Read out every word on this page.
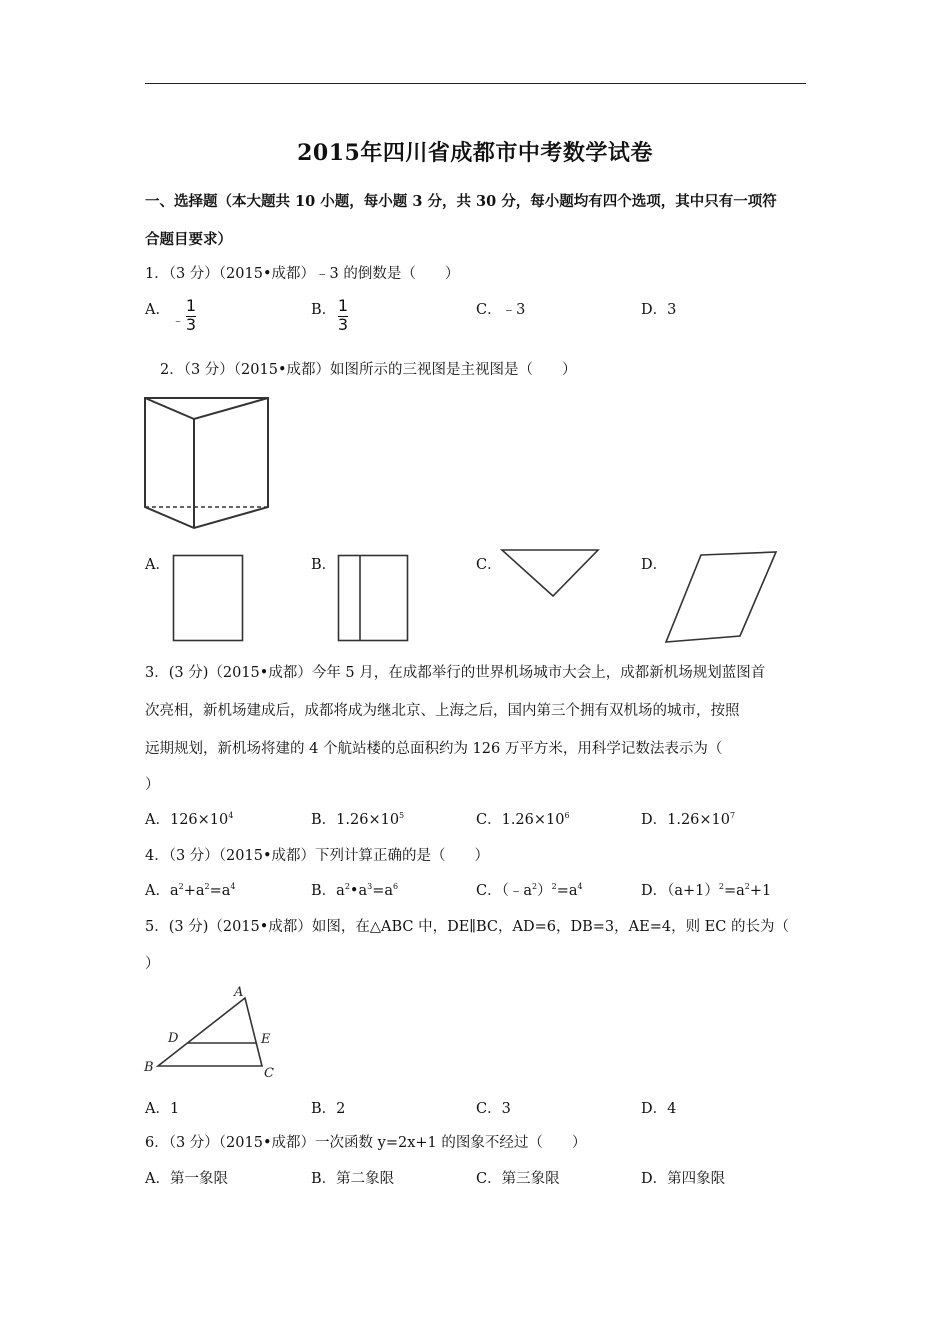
2015年四川省成都市中考数学试卷
一、选择题（本大题共 10 小题，每小题 3 分，共 30 分，每小题均有四个选项，其中只有一项符
合题目要求）
1．（3 分）（2015•成都）﹣3 的倒数是（　　）
A．
﹣
1
3
B． 1
3
C．﹣3	D．3
2．（3 分）（2015•成都）如图所示的三视图是主视图是（　　）
A．	B．	C．	D．
3．(3 分)（2015•成都）今年 5 月，在成都举行的世界机场城市大会上，成都新机场规划蓝图首
次亮相，新机场建成后，成都将成为继北京、上海之后，国内第三个拥有双机场的城市，按照
远期规划，新机场将建的 4 个航站楼的总面积约为 126 万平方米，用科学记数法表示为（
）
A．$126\times 10^4$	B．$1.26\times 10^5$	C．$1.26\times 10^6$	D．$1.26\times 10^7$
4．（3 分）（2015•成都）下列计算正确的是（　　）
A．$a^2+a^2=a^4$	B．$a^2•a^3=a^6$	C．$(﹣a^2)^2=a^4$	D．$(a+1)^2=a^2+1$
5．(3 分)（2015•成都）如图，在△ABC 中，DE∥BC，AD=6，DB=3，AE=4，则 EC 的长为（
）
A
B	C
D	E
A．1	B．2	C．3	D．4
6．（3 分）（2015•成都）一次函数 y=2x+1 的图象不经过（　　）
A．第一象限	B．第二象限	C．第三象限	D．第四象限
